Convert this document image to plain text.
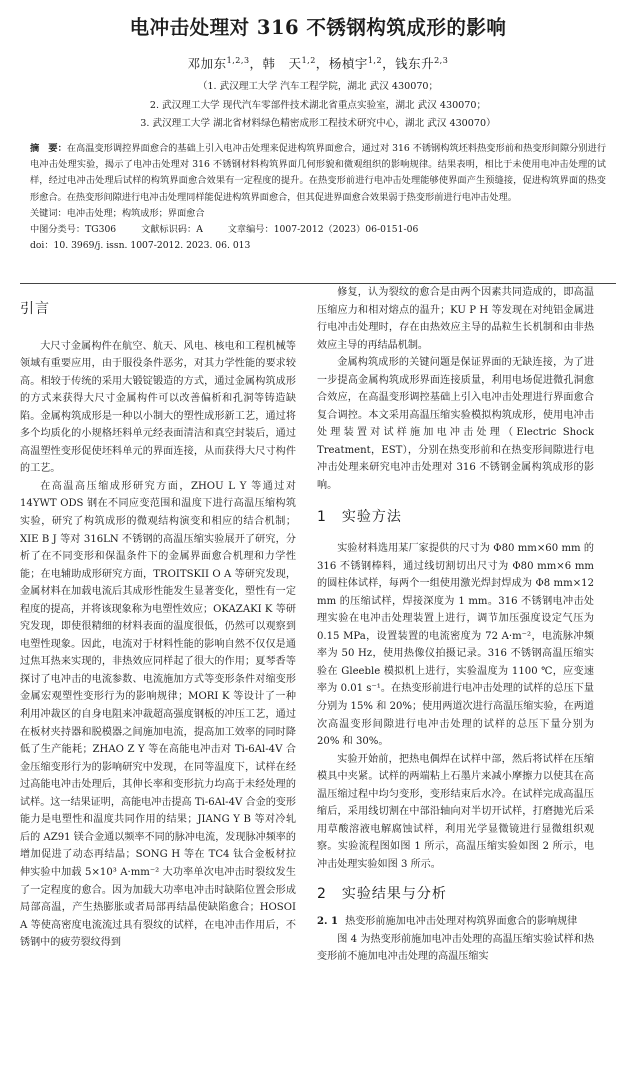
电冲击处理对 316 不锈钢构筑成形的影响
邓加东$^{1,2,3}$，韩　天$^{1,2}$，杨楨宇$^{1,2}$，钱东升$^{2,3}$
（1. 武汉理工大学 汽车工程学院，湖北 武汉 430070；
2. 武汉理工大学 现代汽车零部件技术湖北省重点实验室，湖北 武汉 430070；
3. 武汉理工大学 湖北省材料绿色精密成形工程技术研究中心，湖北 武汉 430070）
摘　要：在高温变形调控界面愈合的基础上引入电冲击处理来促进构筑界面愈合，通过对 316 不锈钢构筑坯料热变形前和热变形间隙分别进行电冲击处理实验，揭示了电冲击处理对 316 不锈钢材料构筑界面几何形貌和微观组织的影响规律。结果表明，相比于未使用电冲击处理的试样，经过电冲击处理后试样的构筑界面愈合效果有一定程度的提升。在热变形前进行电冲击处理能够使界面产生预缝接，促进构筑界面的热变形愈合。在热变形间隙进行电冲击处理同样能促进构筑界面愈合，但其促进界面愈合效果弱于热变形前进行电冲击处理。
关键词：电冲击处理；构筑成形；界面愈合
中图分类号：TG306	文献标识码：A	文章编号：1007-2012（2023）06-0151-06
doi：10. 3969/j. issn. 1007-2012. 2023. 06. 013

引言

大尺寸金属构件在航空、航天、风电、核电和工程机械等领域有重要应用，由于服役条件恶劣，对其力学性能的要求较高。相较于传统的采用大锻锭锻造的方式，通过金属构筑成形的方式来获得大尺寸金属构件可以改善偏析和孔洞等铸造缺陷。金属构筑成形是一种以小制大的塑性成形新工艺，通过将多个均质化的小规格坯料单元经表面清洁和真空封装后，通过高温塑性变形促使坯料单元的界面连接，从而获得大尺寸构件的工艺。

在高温高压缩成形研究方面，ZHOU L Y 等通过对 14YWT ODS 钢在不同应变范围和温度下进行高温压缩构筑实验，研究了构筑成形的微观结构演变和相应的结合机制；XIE B J 等对 316LN 不锈钢的高温压缩实验展开了研究，分析了在不同变形和保温条件下的金属界面愈合机理和力学性能；在电辅助成形研究方面，TROITSKII O A 等研究发现，金属材料在加载电流后其成形性能发生显著变化，塑性有一定程度的提高，并将该现象称为电塑性效应；OKAZAKI K 等研究发现，即使很精细的材料表面的温度很低，仍然可以观察到电塑性现象。因此，电流对于材料性能的影响自然不仅仅是通过焦耳热来实现的，非热效应同样起了很大的作用；夏琴香等探讨了电冲击的电流参数、电流施加方式等变形条件对缩变形金属宏观塑性变形行为的影响规律；MORI K 等设计了一种利用冲裁区的自身电阻来冲裁超高强度钢板的冲压工艺，通过在板材夹持器和脱模器之间施加电流，提高加工效率的同时降低了生产能耗；ZHAO Z Y 等在高能电冲击对 Ti-6Al-4V 合金压缩变形行为的影响研究中发现，在同等温度下，试样在经过高能电冲击处理后，其伸长率和变形抗力均高于未经处理的试样。这一结果证明，高能电冲击提高 Ti-6Al-4V 合金的变形能力是电塑性和温度共同作用的结果；JIANG Y B 等对冷轧后的 AZ91 镁合金通以频率不同的脉冲电流，发现脉冲频率的增加促进了动态再结晶；SONG H 等在 TC4 钛合金板材拉伸实验中加载 5×10³ A·mm⁻² 大功率单次电冲击时裂纹发生了一定程度的愈合。因为加载大功率电冲击时缺陷位置会形成局部高温，产生热膨胀或者局部再结晶使缺陷愈合；HOSOI A 等使高密度电流流过具有裂纹的试样，在电冲击作用后，不锈钢中的疲劳裂纹得到

修复，认为裂纹的愈合是由两个因素共同造成的，即高温压缩应力和相对熔点的温升；KU P H 等发现在对纯铝金属进行电冲击处理时，存在由热效应主导的晶粒生长机制和由非热效应主导的再结晶机制。

金属构筑成形的关键问题是保证界面的无缺连接，为了进一步提高金属构筑成形界面连接质量，利用电场促进微孔洞愈合效应，在高温变形调控基础上引入电冲击处理进行界面愈合复合调控。本文采用高温压缩实验模拟构筑成形，使用电冲击处理装置对试样施加电冲击处理（Electric Shock Treatment，EST），分别在热变形前和在热变形间隙进行电冲击处理来研究电冲击处理对 316 不锈钢金属构筑成形的影响。

1　实验方法

实验材料选用某厂家提供的尺寸为 Φ80 mm×60 mm 的 316 不锈钢棒料，通过线切割切出尺寸为 Φ80 mm×6 mm 的圆柱体试样，每两个一组使用激光焊封焊成为 Φ8 mm×12 mm 的压缩试样，焊接深度为 1 mm。316 不锈钢电冲击处理实验在电冲击处理装置上进行，调节加压强度设定气压为 0.15 MPa，设置装置的电流密度为 72 A·m⁻²，电流脉冲频率为 50 Hz，使用热像仪拍摄记录。316 不锈钢高温压缩实验在 Gleeble 模拟机上进行，实验温度为 1100 ℃，应变速率为 0.01 s⁻¹。在热变形前进行电冲击处理的试样的总压下量分别为 15% 和 20%；使用两道次进行高温压缩实验，在两道次高温变形间隙进行电冲击处理的试样的总压下量分别为 20% 和 30%。

实验开始前，把热电偶焊在试样中部，然后将试样在压缩模具中夹紧。试样的两端粘上石墨片来减小摩擦力以使其在高温压缩过程中均匀变形，变形结束后水冷。在试样完成高温压缩后，采用线切割在中部沿轴向对半切开试样，打磨抛光后采用草酸溶液电解腐蚀试样，利用光学显微镜进行显微组织观察。实验流程图如图 1 所示，高温压缩实验如图 2 所示，电冲击处理实验如图 3 所示。

2　实验结果与分析

2. 1 热变形前施加电冲击处理对构筑界面愈合的影响规律

图 4 为热变形前施加电冲击处理的高温压缩实验试样和热变形前不施加电冲击处理的高温压缩实
